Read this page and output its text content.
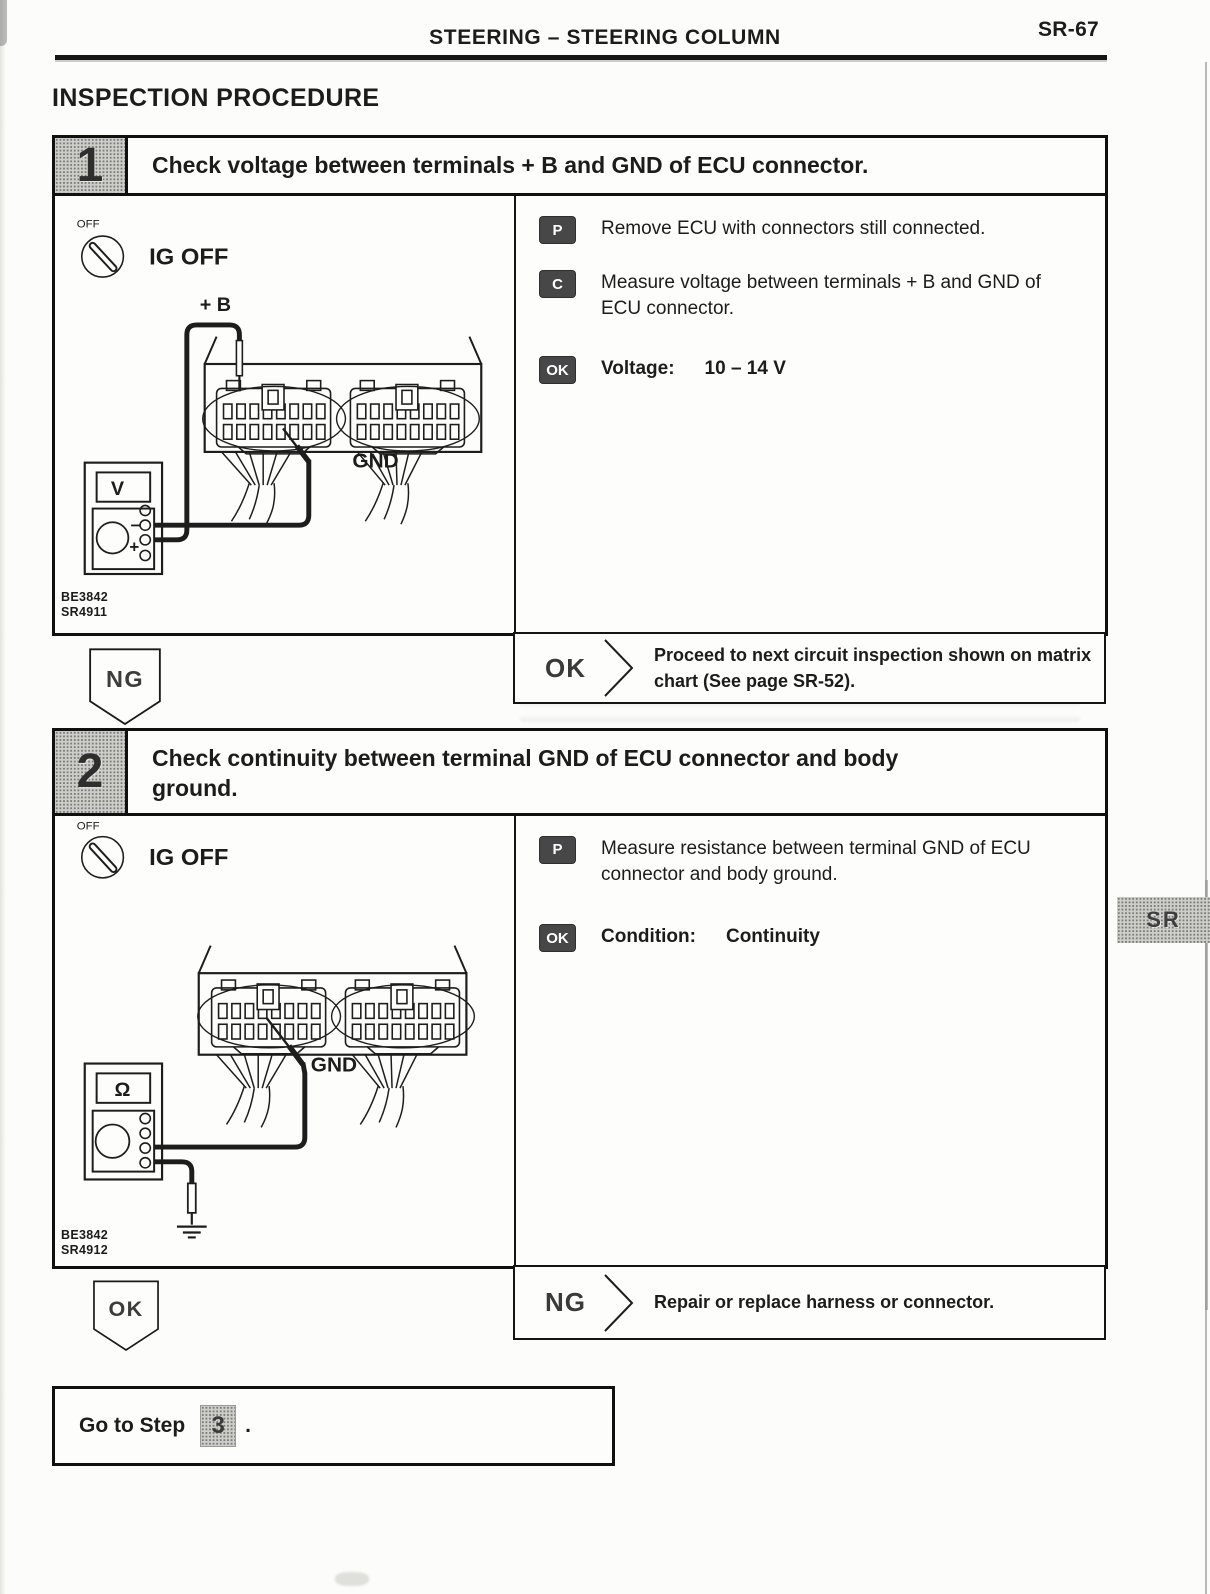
STEERING – STEERING COLUMN	SR-67
INSPECTION PROCEDURE
1	Check voltage between terminals + B and GND of ECU connector.
OFF
IG OFF
+ B
GND
V
−
+
BE3842
SR4911
P	Remove ECU with connectors still connected.
C	Measure voltage between terminals + B and GND of ECU connector.
OK	Voltage: 10 – 14 V
NG	OK	Proceed to next circuit inspection shown on matrix chart (See page SR-52).
2	Check continuity between terminal GND of ECU connector and body ground.
OFF
IG OFF
GND
Ω
BE3842
SR4912
P	Measure resistance between terminal GND of ECU connector and body ground.
OK	Condition: Continuity
OK	NG	Repair or replace harness or connector.
Go to Step	3 .
SR
